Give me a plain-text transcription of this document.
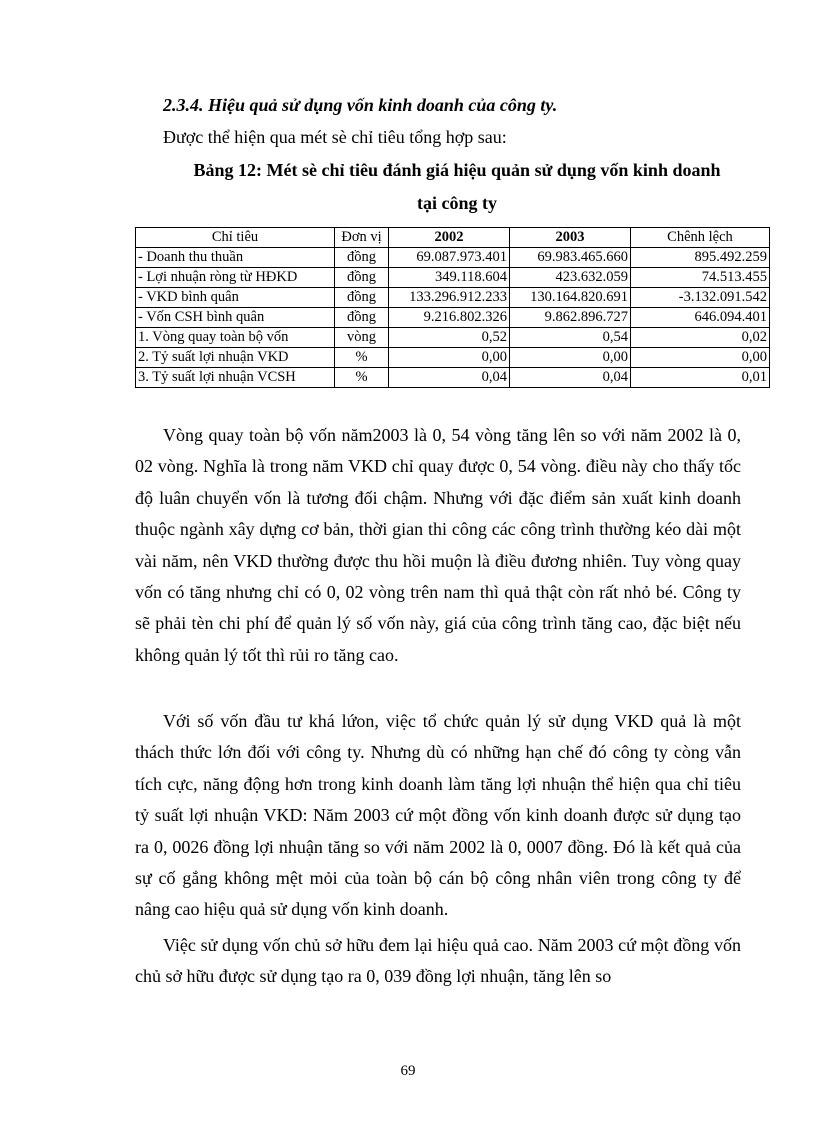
2.3.4. Hiệu quả sử dụng vốn kinh doanh của công ty.
Được thể hiện qua mét sè chỉ tiêu tổng hợp sau:
Bảng 12: Mét sè chỉ tiêu đánh giá hiệu quản sử dụng vốn kinh doanh
tại công ty
Chỉ tiêu	Đơn vị	2002	2003	Chênh lệch
- Doanh thu thuần	đồng	69.087.973.401	69.983.465.660	895.492.259
- Lợi nhuận ròng từ HĐKD	đồng	349.118.604	423.632.059	74.513.455
- VKD bình quân	đồng	133.296.912.233	130.164.820.691	-3.132.091.542
- Vốn CSH bình quân	đồng	9.216.802.326	9.862.896.727	646.094.401
1. Vòng quay toàn bộ vốn	vòng	0,52	0,54	0,02
2. Tỷ suất lợi nhuận VKD	%	0,00	0,00	0,00
3. Tỷ suất lợi nhuận VCSH	%	0,04	0,04	0,01

Vòng quay toàn bộ vốn năm2003 là 0, 54 vòng tăng lên so với năm 2002 là 0, 02 vòng. Nghĩa là trong năm VKD chỉ quay được 0, 54 vòng. điều này cho thấy tốc độ luân chuyển vốn là tương đối chậm. Nhưng với đặc điểm sản xuất kinh doanh thuộc ngành xây dựng cơ bản, thời gian thi công các công trình thường kéo dài một vài năm, nên VKD thường được thu hồi muộn là điều đương nhiên. Tuy vòng quay vốn có tăng nhưng chỉ có 0, 02 vòng trên nam thì quả thật còn rất nhỏ bé. Công ty sẽ phải tèn chi phí để quản lý số vốn này, giá của công trình tăng cao, đặc biệt nếu không quản lý tốt thì rủi ro tăng cao.

Với số vốn đầu tư khá lứon, việc tổ chức quản lý sử dụng VKD quả là một thách thức lớn đối với công ty. Nhưng dù có những hạn chế đó công ty còng vẫn tích cực, năng động hơn trong kinh doanh làm tăng lợi nhuận thể hiện qua chỉ tiêu tỷ suất lợi nhuận VKD: Năm 2003 cứ một đồng vốn kinh doanh được sử dụng tạo ra 0, 0026 đồng lợi nhuận tăng so với năm 2002 là 0, 0007 đồng. Đó là kết quả của sự cố gắng không mệt mỏi của toàn bộ cán bộ công nhân viên trong công ty để nâng cao hiệu quả sử dụng vốn kinh doanh.

Việc sử dụng vốn chủ sở hữu đem lại hiệu quả cao. Năm 2003 cứ một đồng vốn chủ sở hữu được sử dụng tạo ra 0, 039 đồng lợi nhuận, tăng lên so

69
